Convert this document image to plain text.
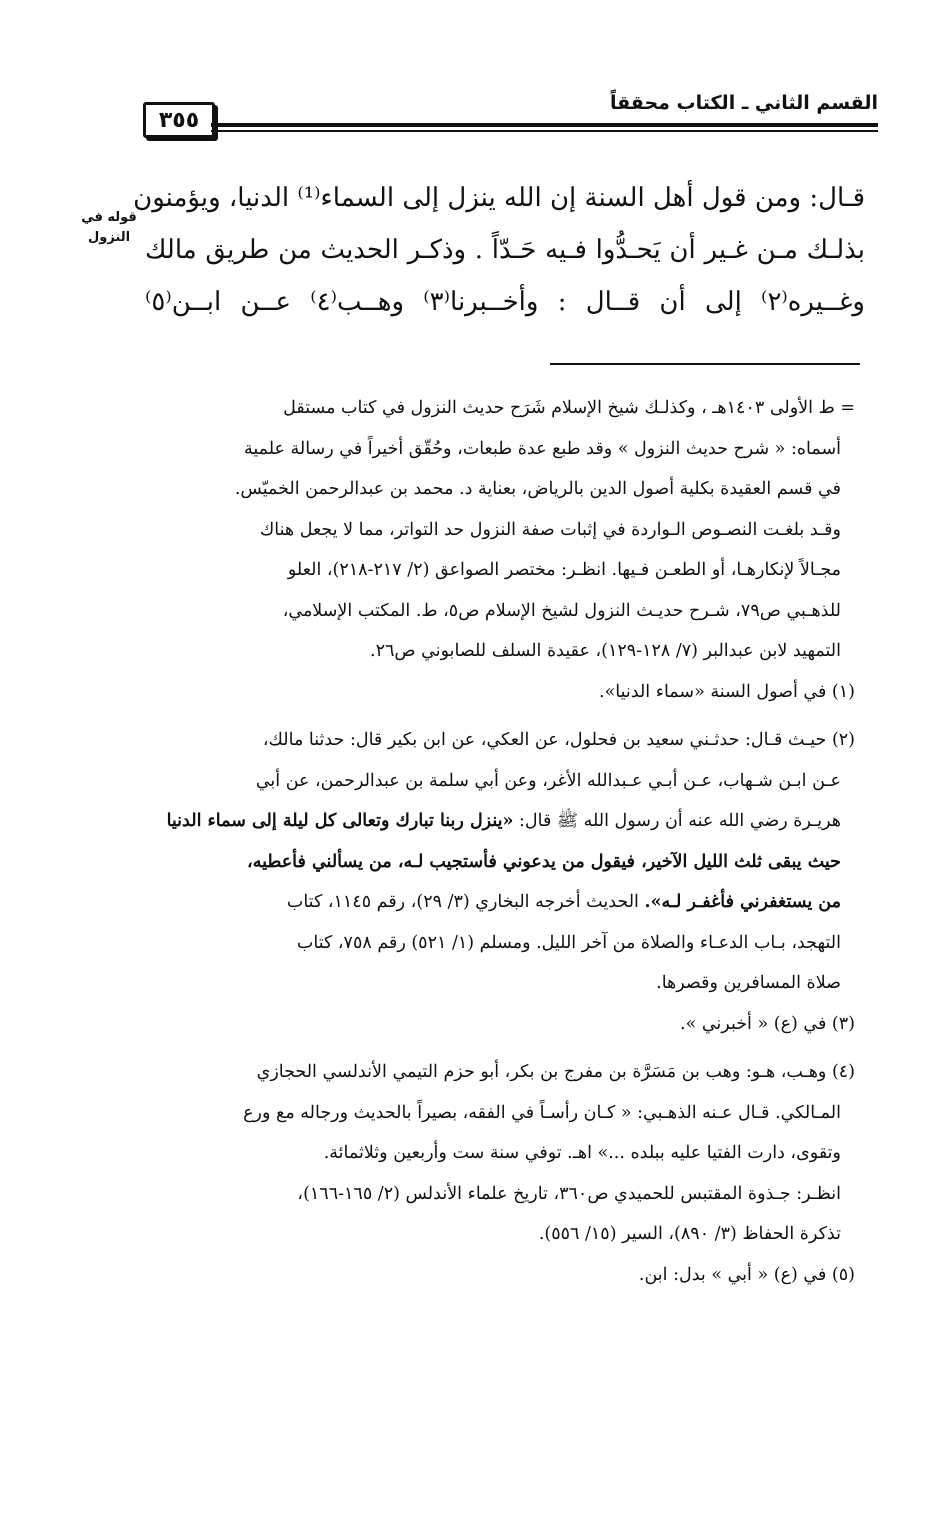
٣٥٥
القسم الثاني ـ الكتاب محققاً
قوله في
النزول

قـال: ومن قول أهل السنة إن الله ينزل إلى السماء⁽¹⁾ الدنيا، ويؤمنون

بذلـك مـن غـير أن يَحـدُّوا فـيه حَـدّاً . وذكـر الحديث من طريق مالك

وغــيره⁽٢⁾ إلى أن قــال : وأخــبرنا⁽٣⁾ وهــب⁽٤⁾ عــن ابــن⁽٥⁾

= ط الأولى ١٤٠٣هـ ، وكذلـك شيخ الإسلام شَرَح حديث النزول في كتاب مستقل
أسماه: « شرح حديث النزول » وقد طبع عدة طبعات، وحُقّق أخيراً في رسالة علمية
في قسم العقيدة بكلية أصول الدين بالرياض، بعناية د. محمد بن عبدالرحمن الخميّس.
وقـد بلغـت النصـوص الـواردة في إثبات صفة النزول حد التواتر، مما لا يجعل هناك
مجـالاً لإنكارهـا، أو الطعـن فـيها. انظـر: مختصر الصواعق (٢/ ٢١٧-٢١٨)، العلو
للذهـبي ص٧٩، شـرح حديـث النزول لشيخ الإسلام ص٥، ط. المكتب الإسلامي،
التمهيد لابن عبدالبر (٧/ ١٢٨-١٢٩)، عقيدة السلف للصابوني ص٢٦.
(١) في أصول السنة «سماء الدنيا».
(٢) حيـث قـال: حدثـني سعيد بن فحلول، عن العكي، عن ابن بكير قال: حدثنا مالك،
عـن ابـن شـهاب، عـن أبـي عـبدالله الأغر، وعن أبي سلمة بن عبدالرحمن، عن أبي
هريـرة رضي الله عنه أن رسول الله ﷺ قال: «ينزل ربنا تبارك وتعالى كل ليلة إلى سماء الدنيا
حيث يبقى ثلث الليل الآخير، فيقول من يدعوني فأستجيب لـه، من يسألني فأعطيه،
من يستغفرني فأغفـر لـه». الحديث أخرجه البخاري (٣/ ٢٩)، رقم ١١٤٥، كتاب
التهجد، بـاب الدعـاء والصلاة من آخر الليل. ومسلم (١/ ٥٢١) رقم ٧٥٨، كتاب
صلاة المسافرين وقصرها.
(٣) في (ع) « أخبرني ».
(٤) وهـب، هـو: وهب بن مَسَرَّة بن مفرج بن بكر، أبو حزم التيمي الأندلسي الحجازي
المـالكي. قـال عـنه الذهـبي: « كـان رأسـاً في الفقه، بصيراً بالحديث ورجاله مع ورع
وتقوى، دارت الفتيا عليه ببلده ...» اهـ. توفي سنة ست وأربعين وثلاثمائة.
انظـر: جـذوة المقتبس للحميدي ص٣٦٠، تاريخ علماء الأندلس (٢/ ١٦٥-١٦٦)،
تذكرة الحفاظ (٣/ ٨٩٠)، السير (١٥/ ٥٥٦).
(٥) في (ع) « أبي » بدل: ابن.
